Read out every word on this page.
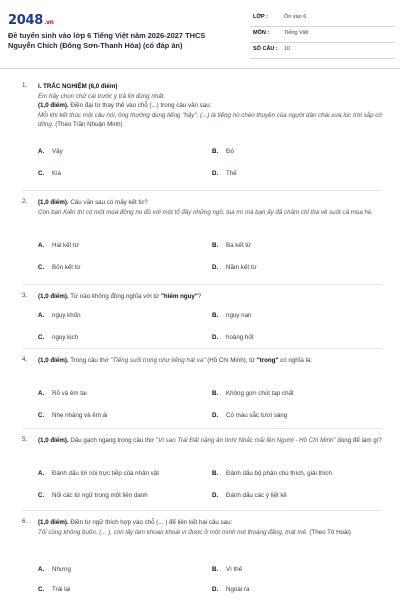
2048.vn
Đề tuyển sinh vào lớp 6 Tiếng Việt năm 2026-2027 THCS
Nguyễn Chích (Đông Sơn-Thanh Hóa) (có đáp án)
LỚP :	Ôn vào 6
MÔN :	Tiếng Việt
SỐ CÂU : 10
1. I. TRẮC NGHIỆM (6,0 điểm)
Em hãy chọn chữ cái trước ý trả lời đúng nhất.
(1,0 điểm). Điền đại từ thay thế vào chỗ (...) trong câu văn sau:
Mỗi khi kết thúc một câu nói, ông thường dùng tiếng "hây". (...) là tiếng hò chèo thuyền của người dân chài xưa lúc trời sắp có dông. (Theo Trần Nhuận Minh)
A. Vậy	B. Đó
C. Kia	D. Thế
2. (1,0 điểm). Câu văn sau có mấy kết từ?
Còn bạn Kiến thì có một mùa đông no đủ với một tổ đầy những ngô, lúa mì mà bạn ấy đã chăm chỉ tha về suốt cả mùa hè.
A. Hai kết từ	B. Ba kết từ
C. Bốn kết từ	D. Năm kết từ
3. (1,0 điểm). Từ nào không đồng nghĩa với từ "hiểm nguy"?
A. nguy khốn	B. nguy nan
C. nguy kịch	D. hoảng hốt
4. (1,0 điểm). Trong câu thơ "Tiếng suối trong như tiếng hát xa" (Hồ Chí Minh), từ "trong" có nghĩa là:
A. Rõ và êm tai	B. Không gợn chút tạp chất
C. Nhẹ nhàng và êm ái	D. Có màu sắc tươi sáng
5. (1,0 điểm). Dấu gạch ngang trong câu thơ "Vì sao Trái Đất nặng ân tình/ Nhắc mãi tên Người - Hồ Chí Minh" dùng để làm gì?
A. Đánh dấu lời nói trực tiếp của nhân vật	B. Đánh dấu bộ phận chú thích, giải thích
C. Nối các từ ngữ trong một liên danh	D. Đánh dấu các ý liệt kê
6. (1,0 điểm). Điền từ ngữ thích hợp vào chỗ (... ) để liên kết hai câu sau:
Tôi cũng không buồn. (... ), còn lấy làm khoan khoái vì được ở một mình nơi thoáng đãng, mát mẻ. (Theo Tô Hoài)
A. Nhưng	B. Vì thế
C. Trái lại	D. Ngoài ra
